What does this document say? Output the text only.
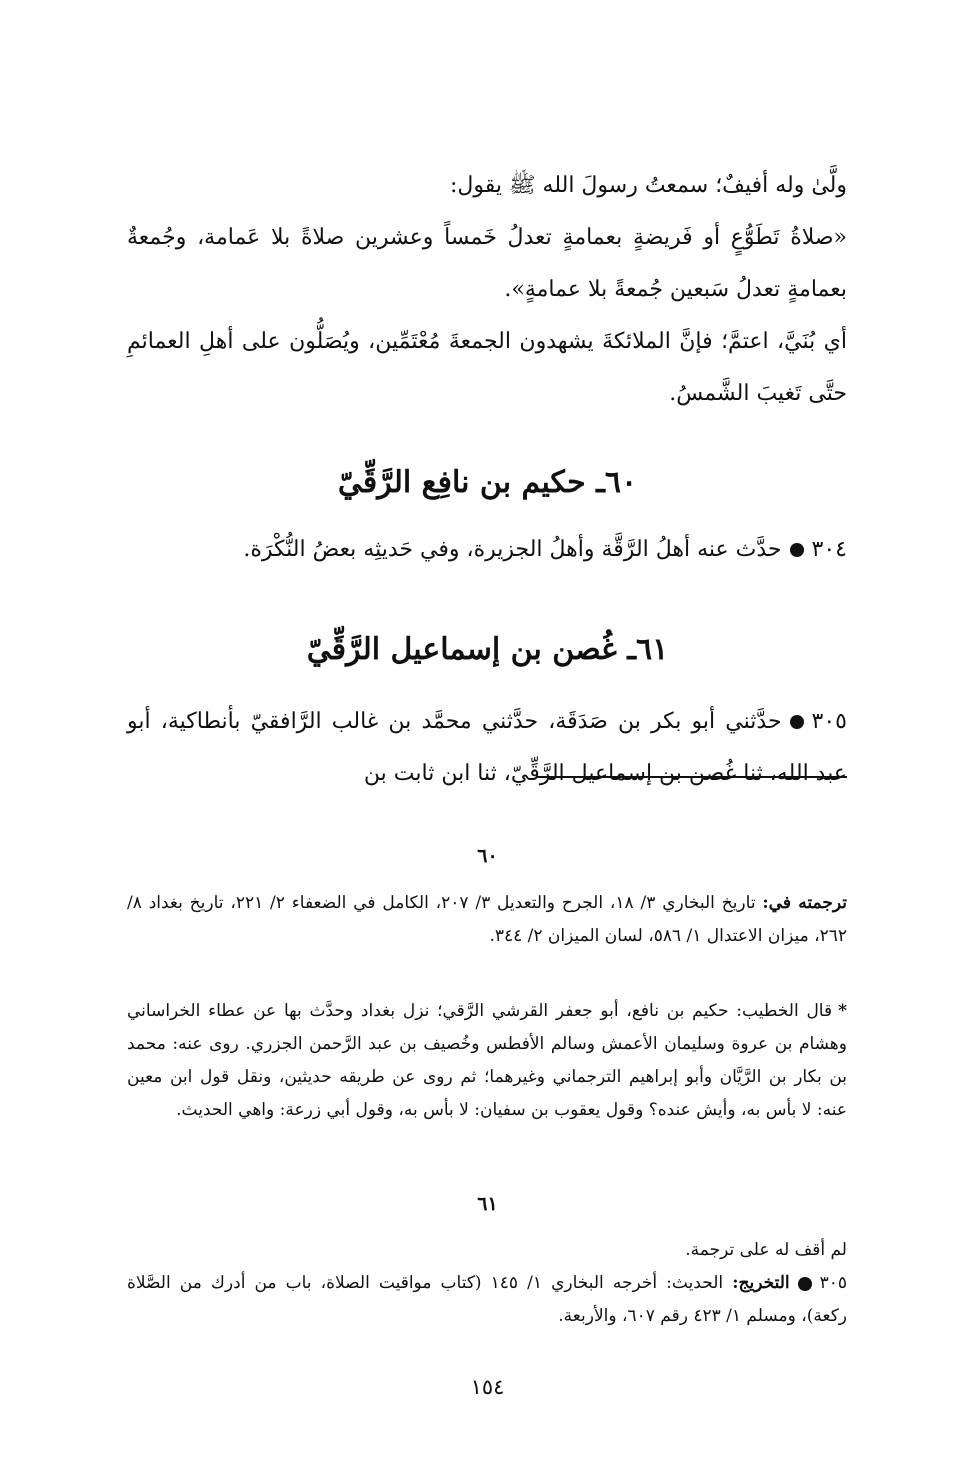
ولَّىٰ وله أفيفٌ؛ سمعتُ رسولَ الله ﷺ يقول:
«صلاةُ تَطَوُّعٍ أو فَريضةٍ بعمامةٍ تعدلُ خَمساً وعشرين صلاةً بلا عَمامة، وجُمعةٌ بعمامةٍ تعدلُ سَبعين جُمعةً بلا عمامةٍ».
أي بُنَيَّ، اعتمَّ؛ فإنَّ الملائكةَ يشهدون الجمعةَ مُعْتَمِّين، ويُصَلُّون على أهلِ العمائمِ حتَّى تَغيبَ الشَّمسُ.
٦٠ـ حكيم بن نافِع الرَّقِّيّ
٣٠٤حدَّث عنه أهلُ الرَّقَّة وأهلُ الجزيرة، وفي حَديثِه بعضُ النُّكْرَة.
٦١ـ غُصن بن إسماعيل الرَّقِّيّ
٣٠٥حدَّثني أبو بكر بن صَدَقَة، حدَّثني محمَّد بن غالب الرَّافقيّ بأنطاكية، أبو عبد الله، ثنا غُصن بن إسماعيل الرَّقِّيّ، ثنا ابن ثابت بن
٦٠
ترجمته في: تاريخ البخاري ٣/ ١٨، الجرح والتعديل ٣/ ٢٠٧، الكامل في الضعفاء ٢/ ٢٢١، تاريخ بغداد ٨/ ٢٦٢، ميزان الاعتدال ١/ ٥٨٦، لسان الميزان ٢/ ٣٤٤.
*قال الخطيب: حكيم بن نافع، أبو جعفر القرشي الرَّقي؛ نزل بغداد وحدَّث بها عن عطاء الخراساني وهشام بن عروة وسليمان الأعمش وسالم الأفطس وخُصيف بن عبد الرَّحمن الجزري. روى عنه: محمد بن بكار بن الرَّيَّان وأبو إبراهيم الترجماني وغيرهما؛ ثم روى عن طريقه حديثين، ونقل قول ابن معين عنه: لا بأس به، وأيش عنده؟ وقول يعقوب بن سفيان: لا بأس به، وقول أبي زرعة: واهي الحديث.
٦١
لم أقف له على ترجمة.
٣٠٥التخريج: الحديث: أخرجه البخاري ١/ ١٤٥ (كتاب مواقيت الصلاة، باب من أدرك من الصَّلاة ركعة)، ومسلم ١/ ٤٢٣ رقم ٦٠٧، والأربعة.
١٥٤
